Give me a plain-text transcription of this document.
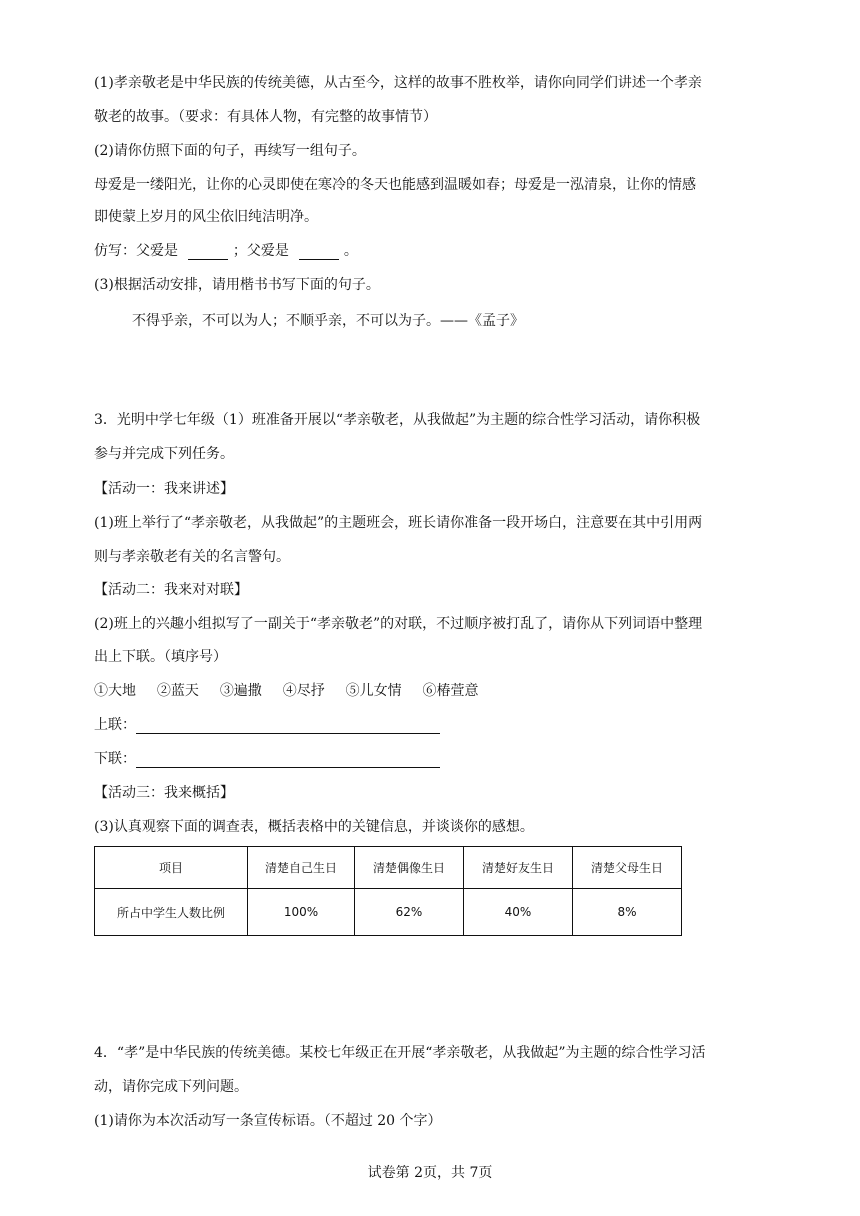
(1)孝亲敬老是中华民族的传统美德，从古至今，这样的故事不胜枚举，请你向同学们讲述一个孝亲
敬老的故事。（要求：有具体人物，有完整的故事情节）
(2)请你仿照下面的句子，再续写一组句子。
母爱是一缕阳光，让你的心灵即使在寒冷的冬天也能感到温暖如春；母爱是一泓清泉，让你的情感
即使蒙上岁月的风尘依旧纯洁明净。
仿写：父爱是	；父爱是	。
(3)根据活动安排，请用楷书书写下面的句子。
不得乎亲，不可以为人；不顺乎亲，不可以为子。——《孟子》
3．光明中学七年级（1）班准备开展以“孝亲敬老，从我做起”为主题的综合性学习活动，请你积极
参与并完成下列任务。
【活动一：我来讲述】
(1)班上举行了“孝亲敬老，从我做起”的主题班会，班长请你准备一段开场白，注意要在其中引用两
则与孝亲敬老有关的名言警句。
【活动二：我来对对联】
(2)班上的兴趣小组拟写了一副关于“孝亲敬老”的对联，不过顺序被打乱了，请你从下列词语中整理
出上下联。（填序号）
①大地 ②蓝天 ③遍撒 ④尽抒 ⑤儿女情 ⑥椿萱意
上联：
下联：
【活动三：我来概括】
(3)认真观察下面的调查表，概括表格中的关键信息，并谈谈你的感想。
项目	清楚自己生日	清楚偶像生日	清楚好友生日	清楚父母生日
所占中学生人数比例	100%	62%	40%	8%
4．“孝”是中华民族的传统美德。某校七年级正在开展“孝亲敬老，从我做起”为主题的综合性学习活
动，请你完成下列问题。
(1)请你为本次活动写一条宣传标语。（不超过 20 个字）
试卷第 2页，共 7页
